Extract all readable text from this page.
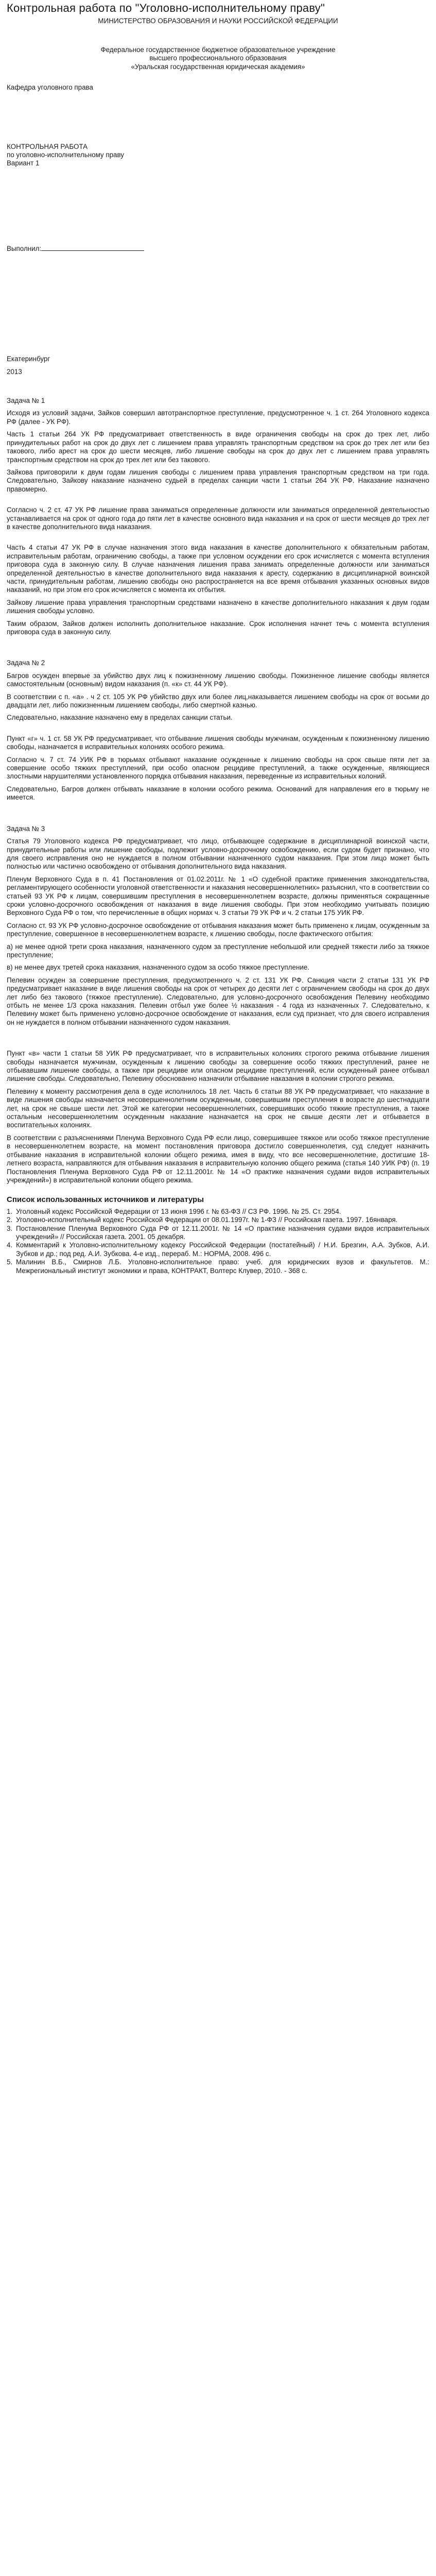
Контрольная работа по "Уголовно-исполнительному праву"
МИНИСТЕРСТВО ОБРАЗОВАНИЯ И НАУКИ РОССИЙСКОЙ ФЕДЕРАЦИИ

Федеральное государственное бюджетное образовательное учреждение

высшего профессионального образования

«Уральская государственная юридическая академия»

Кафедра уголовного права

КОНТРОЛЬНАЯ РАБОТА

по уголовно-исполнительному праву

Вариант 1

Выполнил:

Екатеринбург

2013

Задача № 1

Исходя из условий задачи, Зайков совершил автотранспортное преступление, предусмотренное ч. 1 ст. 264 Уголовного кодекса РФ (далее - УК РФ).

Часть 1 статьи 264 УК РФ предусматривает ответственность в виде ограничения свободы на срок до трех лет, либо принудительных работ на срок до двух лет с лишением права управлять транспортным средством на срок до трех лет или без такового, либо арест на срок до шести месяцев, либо лишение свободы на срок до двух лет с лишением права управлять транспортным средством на срок до трех лет или без такового.

Зайкова приговорили к двум годам лишения свободы с лишением права управления транспортным средством на три года. Следовательно, Зайкову наказание назначено судьей в пределах санкции части 1 статьи 264 УК РФ. Наказание назначено правомерно.

Согласно ч. 2 ст. 47 УК РФ лишение права заниматься определенные должности или заниматься определенной деятельностью устанавливается на срок от одного года до пяти лет в качестве основного вида наказания и на срок от шести месяцев до трех лет в качестве дополнительного вида наказания.

Часть 4 статьи 47 УК РФ в случае назначения этого вида наказания в качестве дополнительного к обязательным работам, исправительным работам, ограничению свободы, а также при условном осуждении его срок исчисляется с момента вступления приговора суда в законную силу. В случае назначения лишения права занимать определенные должности или заниматься определенной деятельностью в качестве дополнительного вида наказания к аресту, содержанию в дисциплинарной воинской части, принудительным работам, лишению свободы оно распространяется на все время отбывания указанных основных видов наказаний, но при этом его срок исчисляется с момента их отбытия.

Зайкову лишение права управления транспортным средствами назначено в качестве дополнительного наказания к двум годам лишения свободы условно.

Таким образом, Зайков должен исполнить дополнительное наказание. Срок исполнения начнет течь с момента вступления приговора суда в законную силу.

Задача № 2

Багров осужден впервые за убийство двух лиц к пожизненному лишению свободы. Пожизненное лишение свободы является самостоятельным (основным) видом наказания (п. «к» ст. 44 УК РФ).

В соответствии с п. «а» . ч 2 ст. 105 УК РФ убийство двух или более лиц,наказывается лишением свободы на срок от восьми до двадцати лет, либо пожизненным лишением свободы, либо смертной казнью.

Следовательно, наказание назначено ему в пределах санкции статьи.

Пункт «г» ч. 1 ст. 58 УК РФ предусматривает, что отбывание лишения свободы мужчинам, осужденным к пожизненному лишению свободы, назначается в исправительных колониях особого режима.

Согласно ч. 7 ст. 74 УИК РФ в тюрьмах отбывают наказание осужденные к лишению свободы на срок свыше пяти лет за совершение особо тяжких преступлений, при особо опасном рецидиве преступлений, а также осужденные, являющиеся злостными нарушителями установленного порядка отбывания наказания, переведенные из исправительных колоний.

Следовательно, Багров должен отбывать наказание в колонии особого режима. Оснований для направления его в тюрьму не имеется.

Задача № 3

Статья 79 Уголовного кодекса РФ предусматривает, что лицо, отбывающее содержание в дисциплинарной воинской части, принудительные работы или лишение свободы, подлежит условно-досрочному освобождению, если судом будет признано, что для своего исправления оно не нуждается в полном отбывании назначенного судом наказания. При этом лицо может быть полностью или частично освобождено от отбывания дополнительного вида наказания.

Пленум Верховного Суда в п. 41 Постановления от 01.02.2011г. № 1 «О судебной практике применения законодательства, регламентирующего особенности уголовной ответственности и наказания несовершеннолетних» разъяснил, что в соответствии со статьей 93 УК РФ к лицам, совершившим преступления в несовершеннолетнем возрасте, должны применяться сокращенные сроки условно-досрочного освобождения от наказания в виде лишения свободы. При этом необходимо учитывать позицию Верховного Суда РФ о том, что перечисленные в общих нормах ч. 3 статьи 79 УК РФ и ч. 2 статьи 175 УИК РФ.

Согласно ст. 93 УК РФ условно-досрочное освобождение от отбывания наказания может быть применено к лицам, осужденным за преступление, совершенное в несовершеннолетнем возрасте, к лишению свободы, после фактического отбытия:

а) не менее одной трети срока наказания, назначенного судом за преступление небольшой или средней тяжести либо за тяжкое преступление;

в) не менее двух третей срока наказания, назначенного судом за особо тяжкое преступление.

Пелевин осужден за совершение преступления, предусмотренного ч. 2 ст. 131 УК РФ. Санкция части 2 статьи 131 УК РФ предусматривает наказание в виде лишения свободы на срок от четырех до десяти лет с ограничением свободы на срок до двух лет либо без такового (тяжкое преступление). Следовательно, для условно-досрочного освобождения Пелевину необходимо отбыть не менее 1/3 срока наказания. Пелевин отбыл уже более ½ наказания - 4 года из назначенных 7. Следовательно, к Пелевину может быть применено условно-досрочное освобождение от наказания, если суд признает, что для своего исправления он не нуждается в полном отбывании назначенного судом наказания.

Пункт «в» части 1 статьи 58 УИК РФ предусматривает, что в исправительных колониях строгого режима отбывание лишения свободы назначается мужчинам, осужденным к лишению свободы за совершение особо тяжких преступлений, ранее не отбывавшим лишение свободы, а также при рецидиве или опасном рецидиве преступлений, если осужденный ранее отбывал лишение свободы. Следовательно, Пелевину обоснованно назначили отбывание наказания в колонии строгого режима.

Пелевину к моменту рассмотрения дела в суде исполнилось 18 лет. Часть 6 статьи 88 УК РФ предусматривает, что наказание в виде лишения свободы назначается несовершеннолетним осужденным, совершившим преступления в возрасте до шестнадцати лет, на срок не свыше шести лет. Этой же категории несовершеннолетних, совершивших особо тяжкие преступления, а также остальным несовершеннолетним осужденным наказание назначается на срок не свыше десяти лет и отбывается в воспитательных колониях.

В соответствии с разъяснениями Пленума Верховного Суда РФ если лицо, совершившее тяжкое или особо тяжкое преступление в несовершеннолетнем возрасте, на момент постановления приговора достигло совершеннолетия, суд следует назначить отбывание наказания в исправительной колонии общего режима, имея в виду, что все несовершеннолетние, достигшие 18-летнего возраста, направляются для отбывания наказания в исправительную колонию общего режима (статья 140 УИК РФ) (п. 19 Постановления Пленума Верховного Суда РФ от 12.11.2001г. № 14 «О практике назначения судами видов исправительных учреждений») в исправительной колонии общего режима.

Список использованных источников и литературы
1. Уголовный кодекс Российской Федерации от 13 июня 1996 г. № 63-ФЗ // СЗ РФ. 1996. № 25. Ст. 2954.
2. Уголовно-исполнительный кодекс Российской Федерации от 08.01.1997г. № 1-ФЗ // Российская газета. 1997. 16января.
3. Постановление Пленума Верховного Суда РФ от 12.11.2001г. № 14 «О практике назначения судами видов исправительных учреждений» // Российская газета. 2001. 05 декабря.
4. Комментарий к Уголовно-исполнительному кодексу Российской Федерации (постатейный) / Н.И. Брезгин, А.А. Зубков, А.И. Зубков и др.; под ред. А.И. Зубкова. 4-е изд., перераб. М.: НОРМА, 2008. 496 с.
5. Малинин В.Б., Смирнов Л.Б. Уголовно-исполнительное право: учеб. для юридических вузов и факультетов. М.: Межрегиональный институт экономики и права, КОНТРАКТ, Волтерс Клувер, 2010. - 368 с.
